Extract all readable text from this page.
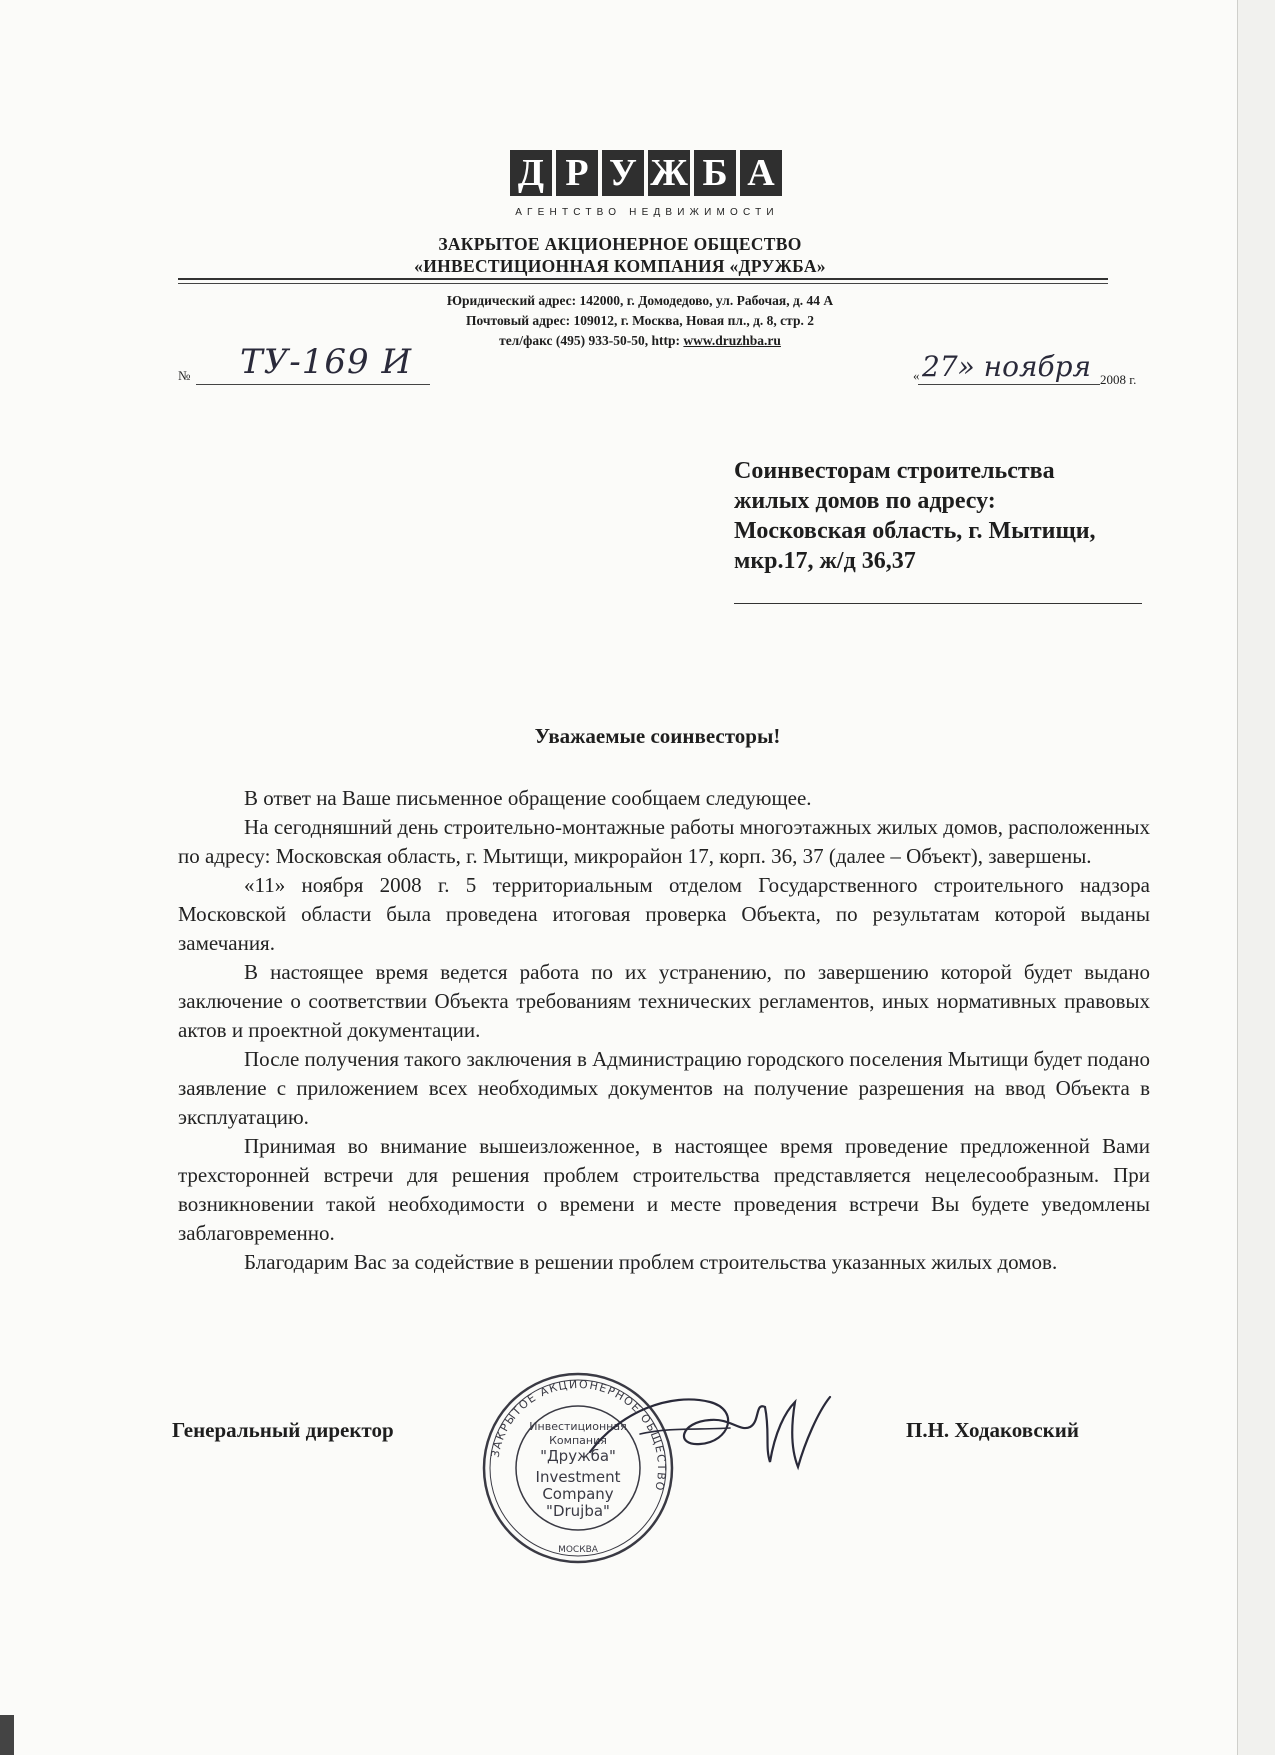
Д Р У Ж Б А
АГЕНТСТВО НЕДВИЖИМОСТИ
ЗАКРЫТОЕ АКЦИОНЕРНОЕ ОБЩЕСТВО
«ИНВЕСТИЦИОННАЯ КОМПАНИЯ «ДРУЖБА»
Юридический адрес: 142000, г. Домодедово, ул. Рабочая, д. 44 А
Почтовый адрес: 109012, г. Москва, Новая пл., д. 8, стр. 2
тел/факс (495) 933-50-50, http: www.druzhba.ru
№ ТУ-169 И	« 27» ноября 2008 г.
Соинвесторам строительства
жилых домов по адресу:
Московская область, г. Мытищи,
мкр.17, ж/д 36,37
Уважаемые соинвесторы!

В ответ на Ваше письменное обращение сообщаем следующее.

На сегодняшний день строительно-монтажные работы многоэтажных жилых домов, расположенных по адресу: Московская область, г. Мытищи, микрорайон 17, корп. 36, 37 (далее – Объект), завершены.

«11» ноября 2008 г. 5 территориальным отделом Государственного строительного надзора Московской области была проведена итоговая проверка Объекта, по результатам которой выданы замечания.

В настоящее время ведется работа по их устранению, по завершению которой будет выдано заключение о соответствии Объекта требованиям технических регламентов, иных нормативных правовых актов и проектной документации.

После получения такого заключения в Администрацию городского поселения Мытищи будет подано заявление с приложением всех необходимых документов на получение разрешения на ввод Объекта в эксплуатацию.

Принимая во внимание вышеизложенное, в настоящее время проведение предложенной Вами трехсторонней встречи для решения проблем строительства представляется нецелесообразным. При возникновении такой необходимости о времени и месте проведения встречи Вы будете уведомлены заблаговременно.

Благодарим Вас за содействие в решении проблем строительства указанных жилых домов.

Генеральный директор	П.Н. Ходаковский
ЗАКРЫТОЕ АКЦИОНЕРНОЕ ОБЩЕСТВО
МОСКВА
Инвестиционная
Компания
"Дружба"
Investment
Company
"Drujba"
